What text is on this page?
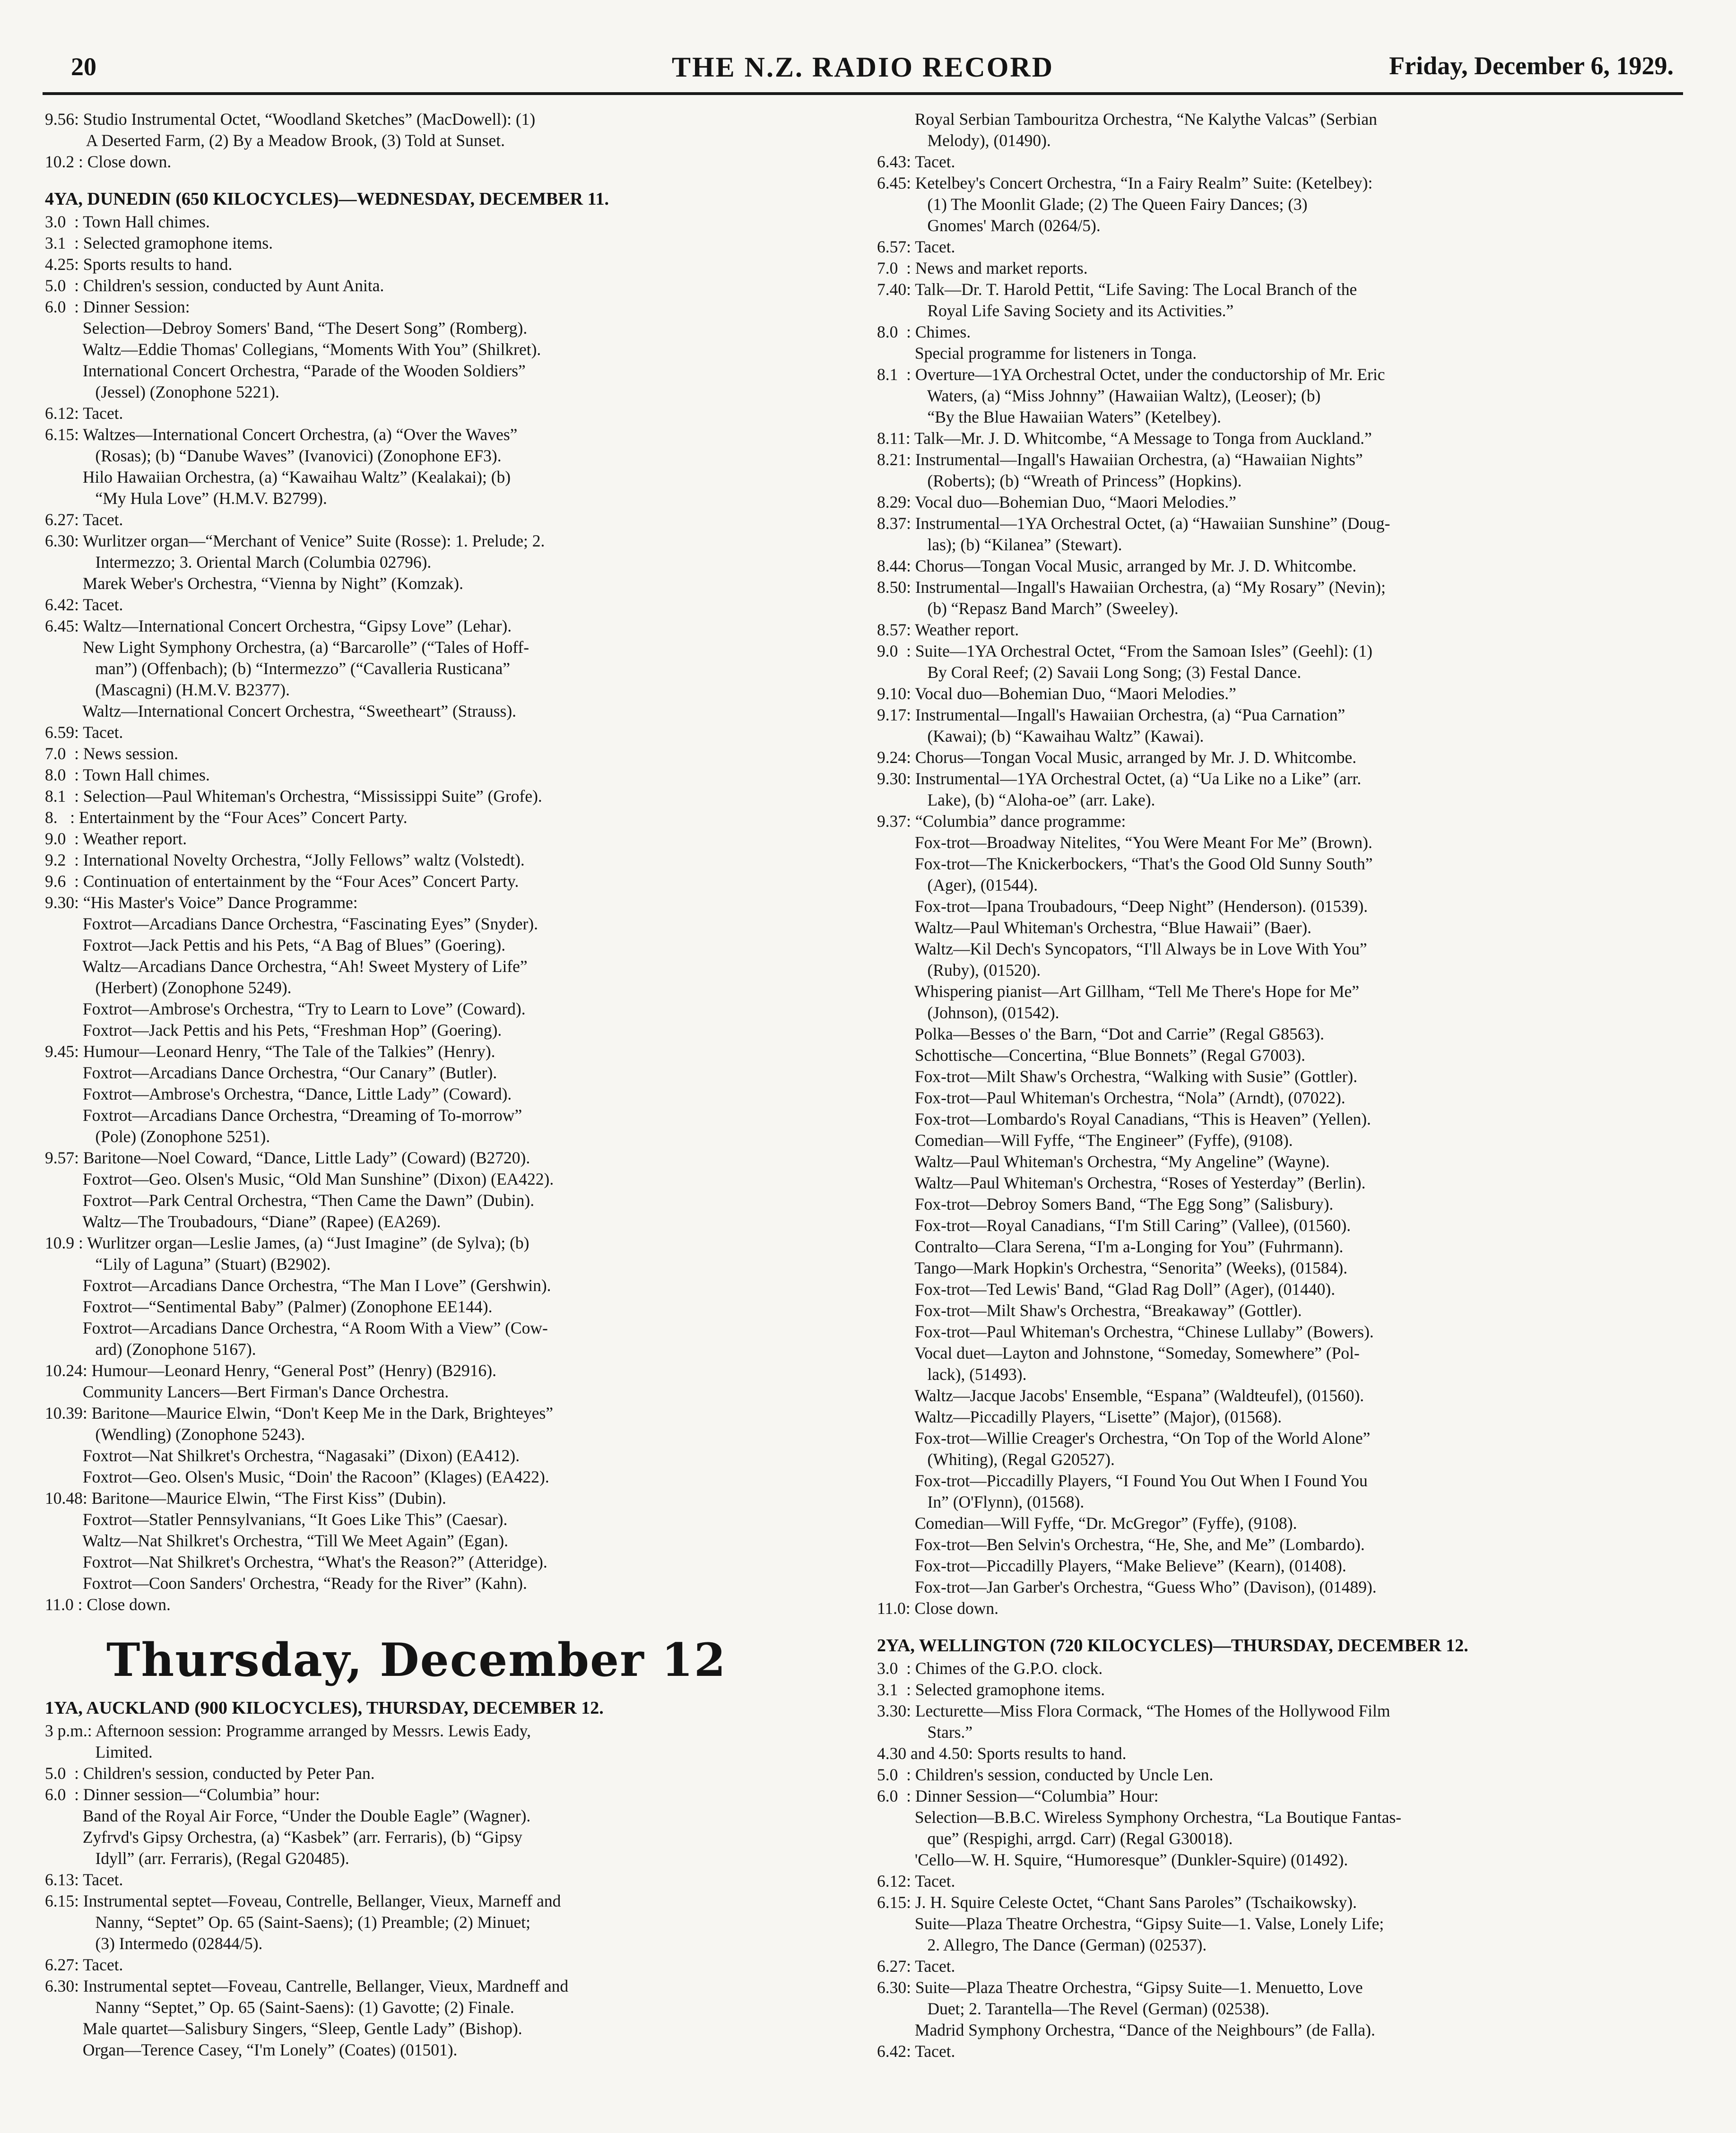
20	THE N.Z. RADIO RECORD	Friday, December 6, 1929.
9.56: Studio Instrumental Octet, “Woodland Sketches” (MacDowell): (1)
A Deserted Farm, (2) By a Meadow Brook, (3) Told at Sunset.
10.2 : Close down.
4YA, DUNEDIN (650 KILOCYCLES)—WEDNESDAY, DECEMBER 11.
3.0  : Town Hall chimes.
3.1  : Selected gramophone items.
4.25: Sports results to hand.
5.0  : Children's session, conducted by Aunt Anita.
6.0  : Dinner Session:
Selection—Debroy Somers' Band, “The Desert Song” (Romberg).
Waltz—Eddie Thomas' Collegians, “Moments With You” (Shilkret).
International Concert Orchestra, “Parade of the Wooden Soldiers”
(Jessel) (Zonophone 5221).
6.12: Tacet.
6.15: Waltzes—International Concert Orchestra, (a) “Over the Waves”
(Rosas); (b) “Danube Waves” (Ivanovici) (Zonophone EF3).
Hilo Hawaiian Orchestra, (a) “Kawaihau Waltz” (Kealakai); (b)
“My Hula Love” (H.M.V. B2799).
6.27: Tacet.
6.30: Wurlitzer organ—“Merchant of Venice” Suite (Rosse): 1. Prelude; 2.
Intermezzo; 3. Oriental March (Columbia 02796).
Marek Weber's Orchestra, “Vienna by Night” (Komzak).
6.42: Tacet.
6.45: Waltz—International Concert Orchestra, “Gipsy Love” (Lehar).
New Light Symphony Orchestra, (a) “Barcarolle” (“Tales of Hoff-
man”) (Offenbach); (b) “Intermezzo” (“Cavalleria Rusticana”
(Mascagni) (H.M.V. B2377).
Waltz—International Concert Orchestra, “Sweetheart” (Strauss).
6.59: Tacet.
7.0  : News session.
8.0  : Town Hall chimes.
8.1  : Selection—Paul Whiteman's Orchestra, “Mississippi Suite” (Grofe).
8.   : Entertainment by the “Four Aces” Concert Party.
9.0  : Weather report.
9.2  : International Novelty Orchestra, “Jolly Fellows” waltz (Volstedt).
9.6  : Continuation of entertainment by the “Four Aces” Concert Party.
9.30: “His Master's Voice” Dance Programme:
Foxtrot—Arcadians Dance Orchestra, “Fascinating Eyes” (Snyder).
Foxtrot—Jack Pettis and his Pets, “A Bag of Blues” (Goering).
Waltz—Arcadians Dance Orchestra, “Ah! Sweet Mystery of Life”
(Herbert) (Zonophone 5249).
Foxtrot—Ambrose's Orchestra, “Try to Learn to Love” (Coward).
Foxtrot—Jack Pettis and his Pets, “Freshman Hop” (Goering).
9.45: Humour—Leonard Henry, “The Tale of the Talkies” (Henry).
Foxtrot—Arcadians Dance Orchestra, “Our Canary” (Butler).
Foxtrot—Ambrose's Orchestra, “Dance, Little Lady” (Coward).
Foxtrot—Arcadians Dance Orchestra, “Dreaming of To-morrow”
(Pole) (Zonophone 5251).
9.57: Baritone—Noel Coward, “Dance, Little Lady” (Coward) (B2720).
Foxtrot—Geo. Olsen's Music, “Old Man Sunshine” (Dixon) (EA422).
Foxtrot—Park Central Orchestra, “Then Came the Dawn” (Dubin).
Waltz—The Troubadours, “Diane” (Rapee) (EA269).
10.9 : Wurlitzer organ—Leslie James, (a) “Just Imagine” (de Sylva); (b)
“Lily of Laguna” (Stuart) (B2902).
Foxtrot—Arcadians Dance Orchestra, “The Man I Love” (Gershwin).
Foxtrot—“Sentimental Baby” (Palmer) (Zonophone EE144).
Foxtrot—Arcadians Dance Orchestra, “A Room With a View” (Cow-
ard) (Zonophone 5167).
10.24: Humour—Leonard Henry, “General Post” (Henry) (B2916).
Community Lancers—Bert Firman's Dance Orchestra.
10.39: Baritone—Maurice Elwin, “Don't Keep Me in the Dark, Brighteyes”
(Wendling) (Zonophone 5243).
Foxtrot—Nat Shilkret's Orchestra, “Nagasaki” (Dixon) (EA412).
Foxtrot—Geo. Olsen's Music, “Doin' the Racoon” (Klages) (EA422).
10.48: Baritone—Maurice Elwin, “The First Kiss” (Dubin).
Foxtrot—Statler Pennsylvanians, “It Goes Like This” (Caesar).
Waltz—Nat Shilkret's Orchestra, “Till We Meet Again” (Egan).
Foxtrot—Nat Shilkret's Orchestra, “What's the Reason?” (Atteridge).
Foxtrot—Coon Sanders' Orchestra, “Ready for the River” (Kahn).
11.0 : Close down.
Thursday, December 12
1YA, AUCKLAND (900 KILOCYCLES), THURSDAY, DECEMBER 12.
3 p.m.: Afternoon session: Programme arranged by Messrs. Lewis Eady,
Limited.
5.0  : Children's session, conducted by Peter Pan.
6.0  : Dinner session—“Columbia” hour:
Band of the Royal Air Force, “Under the Double Eagle” (Wagner).
Zyfrvd's Gipsy Orchestra, (a) “Kasbek” (arr. Ferraris), (b) “Gipsy
Idyll” (arr. Ferraris), (Regal G20485).
6.13: Tacet.
6.15: Instrumental septet—Foveau, Contrelle, Bellanger, Vieux, Marneff and
Nanny, “Septet” Op. 65 (Saint-Saens); (1) Preamble; (2) Minuet;
(3) Intermedo (02844/5).
6.27: Tacet.
6.30: Instrumental septet—Foveau, Cantrelle, Bellanger, Vieux, Mardneff and
Nanny “Septet,” Op. 65 (Saint-Saens): (1) Gavotte; (2) Finale.
Male quartet—Salisbury Singers, “Sleep, Gentle Lady” (Bishop).
Organ—Terence Casey, “I'm Lonely” (Coates) (01501).
Royal Serbian Tambouritza Orchestra, “Ne Kalythe Valcas” (Serbian
Melody), (01490).
6.43: Tacet.
6.45: Ketelbey's Concert Orchestra, “In a Fairy Realm” Suite: (Ketelbey):
(1) The Moonlit Glade; (2) The Queen Fairy Dances; (3)
Gnomes' March (0264/5).
6.57: Tacet.
7.0  : News and market reports.
7.40: Talk—Dr. T. Harold Pettit, “Life Saving: The Local Branch of the
Royal Life Saving Society and its Activities.”
8.0  : Chimes.
Special programme for listeners in Tonga.
8.1  : Overture—1YA Orchestral Octet, under the conductorship of Mr. Eric
Waters, (a) “Miss Johnny” (Hawaiian Waltz), (Leoser); (b)
“By the Blue Hawaiian Waters” (Ketelbey).
8.11: Talk—Mr. J. D. Whitcombe, “A Message to Tonga from Auckland.”
8.21: Instrumental—Ingall's Hawaiian Orchestra, (a) “Hawaiian Nights”
(Roberts); (b) “Wreath of Princess” (Hopkins).
8.29: Vocal duo—Bohemian Duo, “Maori Melodies.”
8.37: Instrumental—1YA Orchestral Octet, (a) “Hawaiian Sunshine” (Doug-
las); (b) “Kilanea” (Stewart).
8.44: Chorus—Tongan Vocal Music, arranged by Mr. J. D. Whitcombe.
8.50: Instrumental—Ingall's Hawaiian Orchestra, (a) “My Rosary” (Nevin);
(b) “Repasz Band March” (Sweeley).
8.57: Weather report.
9.0  : Suite—1YA Orchestral Octet, “From the Samoan Isles” (Geehl): (1)
By Coral Reef; (2) Savaii Long Song; (3) Festal Dance.
9.10: Vocal duo—Bohemian Duo, “Maori Melodies.”
9.17: Instrumental—Ingall's Hawaiian Orchestra, (a) “Pua Carnation”
(Kawai); (b) “Kawaihau Waltz” (Kawai).
9.24: Chorus—Tongan Vocal Music, arranged by Mr. J. D. Whitcombe.
9.30: Instrumental—1YA Orchestral Octet, (a) “Ua Like no a Like” (arr.
Lake), (b) “Aloha-oe” (arr. Lake).
9.37: “Columbia” dance programme:
Fox-trot—Broadway Nitelites, “You Were Meant For Me” (Brown).
Fox-trot—The Knickerbockers, “That's the Good Old Sunny South”
(Ager), (01544).
Fox-trot—Ipana Troubadours, “Deep Night” (Henderson). (01539).
Waltz—Paul Whiteman's Orchestra, “Blue Hawaii” (Baer).
Waltz—Kil Dech's Syncopators, “I'll Always be in Love With You”
(Ruby), (01520).
Whispering pianist—Art Gillham, “Tell Me There's Hope for Me”
(Johnson), (01542).
Polka—Besses o' the Barn, “Dot and Carrie” (Regal G8563).
Schottische—Concertina, “Blue Bonnets” (Regal G7003).
Fox-trot—Milt Shaw's Orchestra, “Walking with Susie” (Gottler).
Fox-trot—Paul Whiteman's Orchestra, “Nola” (Arndt), (07022).
Fox-trot—Lombardo's Royal Canadians, “This is Heaven” (Yellen).
Comedian—Will Fyffe, “The Engineer” (Fyffe), (9108).
Waltz—Paul Whiteman's Orchestra, “My Angeline” (Wayne).
Waltz—Paul Whiteman's Orchestra, “Roses of Yesterday” (Berlin).
Fox-trot—Debroy Somers Band, “The Egg Song” (Salisbury).
Fox-trot—Royal Canadians, “I'm Still Caring” (Vallee), (01560).
Contralto—Clara Serena, “I'm a-Longing for You” (Fuhrmann).
Tango—Mark Hopkin's Orchestra, “Senorita” (Weeks), (01584).
Fox-trot—Ted Lewis' Band, “Glad Rag Doll” (Ager), (01440).
Fox-trot—Milt Shaw's Orchestra, “Breakaway” (Gottler).
Fox-trot—Paul Whiteman's Orchestra, “Chinese Lullaby” (Bowers).
Vocal duet—Layton and Johnstone, “Someday, Somewhere” (Pol-
lack), (51493).
Waltz—Jacque Jacobs' Ensemble, “Espana” (Waldteufel), (01560).
Waltz—Piccadilly Players, “Lisette” (Major), (01568).
Fox-trot—Willie Creager's Orchestra, “On Top of the World Alone”
(Whiting), (Regal G20527).
Fox-trot—Piccadilly Players, “I Found You Out When I Found You
In” (O'Flynn), (01568).
Comedian—Will Fyffe, “Dr. McGregor” (Fyffe), (9108).
Fox-trot—Ben Selvin's Orchestra, “He, She, and Me” (Lombardo).
Fox-trot—Piccadilly Players, “Make Believe” (Kearn), (01408).
Fox-trot—Jan Garber's Orchestra, “Guess Who” (Davison), (01489).
11.0: Close down.
2YA, WELLINGTON (720 KILOCYCLES)—THURSDAY, DECEMBER 12.
3.0  : Chimes of the G.P.O. clock.
3.1  : Selected gramophone items.
3.30: Lecturette—Miss Flora Cormack, “The Homes of the Hollywood Film
Stars.”
4.30 and 4.50: Sports results to hand.
5.0  : Children's session, conducted by Uncle Len.
6.0  : Dinner Session—“Columbia” Hour:
Selection—B.B.C. Wireless Symphony Orchestra, “La Boutique Fantas-
que” (Respighi, arrgd. Carr) (Regal G30018).
'Cello—W. H. Squire, “Humoresque” (Dunkler-Squire) (01492).
6.12: Tacet.
6.15: J. H. Squire Celeste Octet, “Chant Sans Paroles” (Tschaikowsky).
Suite—Plaza Theatre Orchestra, “Gipsy Suite—1. Valse, Lonely Life;
2. Allegro, The Dance (German) (02537).
6.27: Tacet.
6.30: Suite—Plaza Theatre Orchestra, “Gipsy Suite—1. Menuetto, Love
Duet; 2. Tarantella—The Revel (German) (02538).
Madrid Symphony Orchestra, “Dance of the Neighbours” (de Falla).
6.42: Tacet.
